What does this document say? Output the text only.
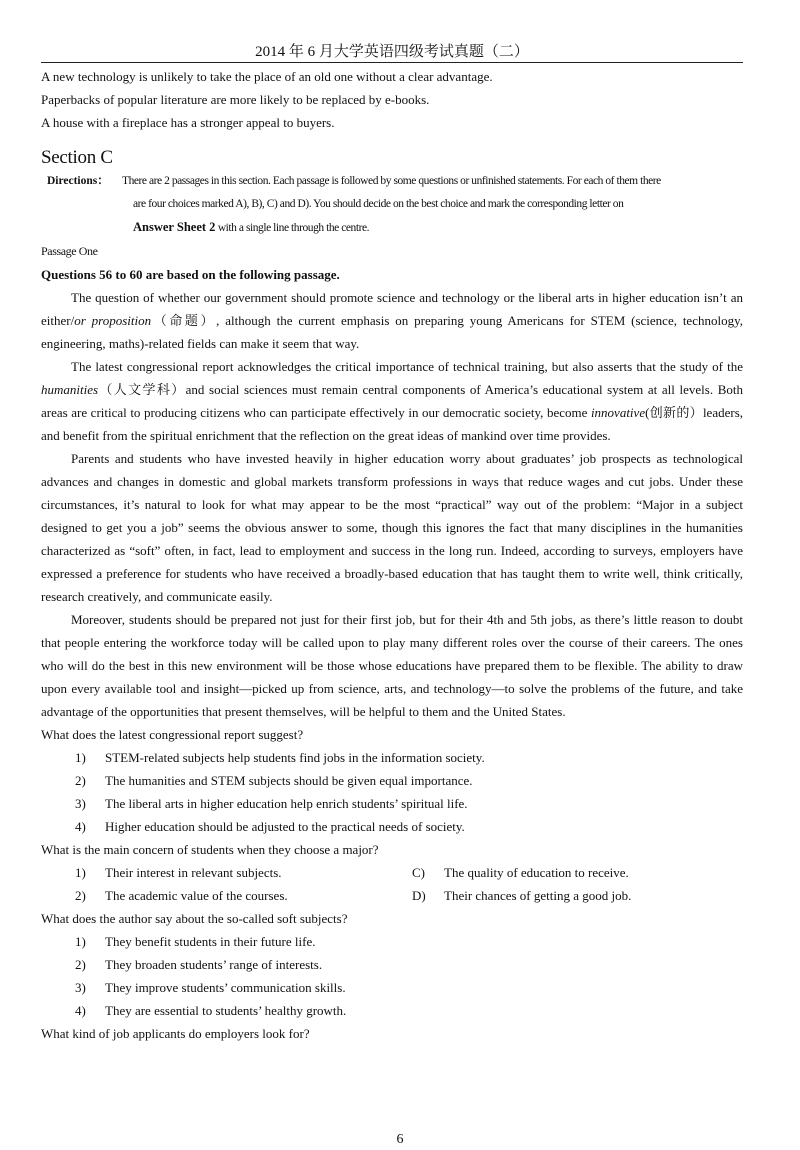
2014 年 6 月大学英语四级考试真题（二）
A new technology is unlikely to take the place of an old one without a clear advantage.
Paperbacks of popular literature are more likely to be replaced by e-books.
A house with a fireplace has a stronger appeal to buyers.
Section C
Directions： There are 2 passages in this section. Each passage is followed by some questions or unfinished statements. For each of them there
are four choices marked A), B), C) and D). You should decide on the best choice and mark the corresponding letter on
Answer Sheet 2 with a single line through the centre.
Passage One
Questions 56 to 60 are based on the following passage.
The question of whether our government should promote science and technology or the liberal arts in higher education isn’t an either/or proposition（命题）, although the current emphasis on preparing young Americans for STEM (science, technology, engineering, maths)-related fields can make it seem that way.
The latest congressional report acknowledges the critical importance of technical training, but also asserts that the study of the humanities（人文学科）and social sciences must remain central components of America’s educational system at all levels. Both areas are critical to producing citizens who can participate effectively in our democratic society, become innovative(创新的）leaders, and benefit from the spiritual enrichment that the reflection on the great ideas of mankind over time provides.
Parents and students who have invested heavily in higher education worry about graduates’ job prospects as technological advances and changes in domestic and global markets transform professions in ways that reduce wages and cut jobs. Under these circumstances, it’s natural to look for what may appear to be the most “practical” way out of the problem: “Major in a subject designed to get you a job” seems the obvious answer to some, though this ignores the fact that many disciplines in the humanities characterized as “soft” often, in fact, lead to employment and success in the long run. Indeed, according to surveys, employers have expressed a preference for students who have received a broadly-based education that has taught them to write well, think critically, research creatively, and communicate easily.
Moreover, students should be prepared not just for their first job, but for their 4th and 5th jobs, as there’s little reason to doubt that people entering the workforce today will be called upon to play many different roles over the course of their careers. The ones who will do the best in this new environment will be those whose educations have prepared them to be flexible. The ability to draw upon every available tool and insight—picked up from science, arts, and technology—to solve the problems of the future, and take advantage of the opportunities that present themselves, will be helpful to them and the United States.
What does the latest congressional report suggest?
1)	STEM-related subjects help students find jobs in the information society.
2)	The humanities and STEM subjects should be given equal importance.
3)	The liberal arts in higher education help enrich students’ spiritual life.
4)	Higher education should be adjusted to the practical needs of society.
What is the main concern of students when they choose a major?
1)	Their interest in relevant subjects.	C)	The quality of education to receive.
2)	The academic value of the courses.	D)	Their chances of getting a good job.
What does the author say about the so-called soft subjects?
1)	They benefit students in their future life.
2)	They broaden students’ range of interests.
3)	They improve students’ communication skills.
4)	They are essential to students’ healthy growth.
What kind of job applicants do employers look for?
6
